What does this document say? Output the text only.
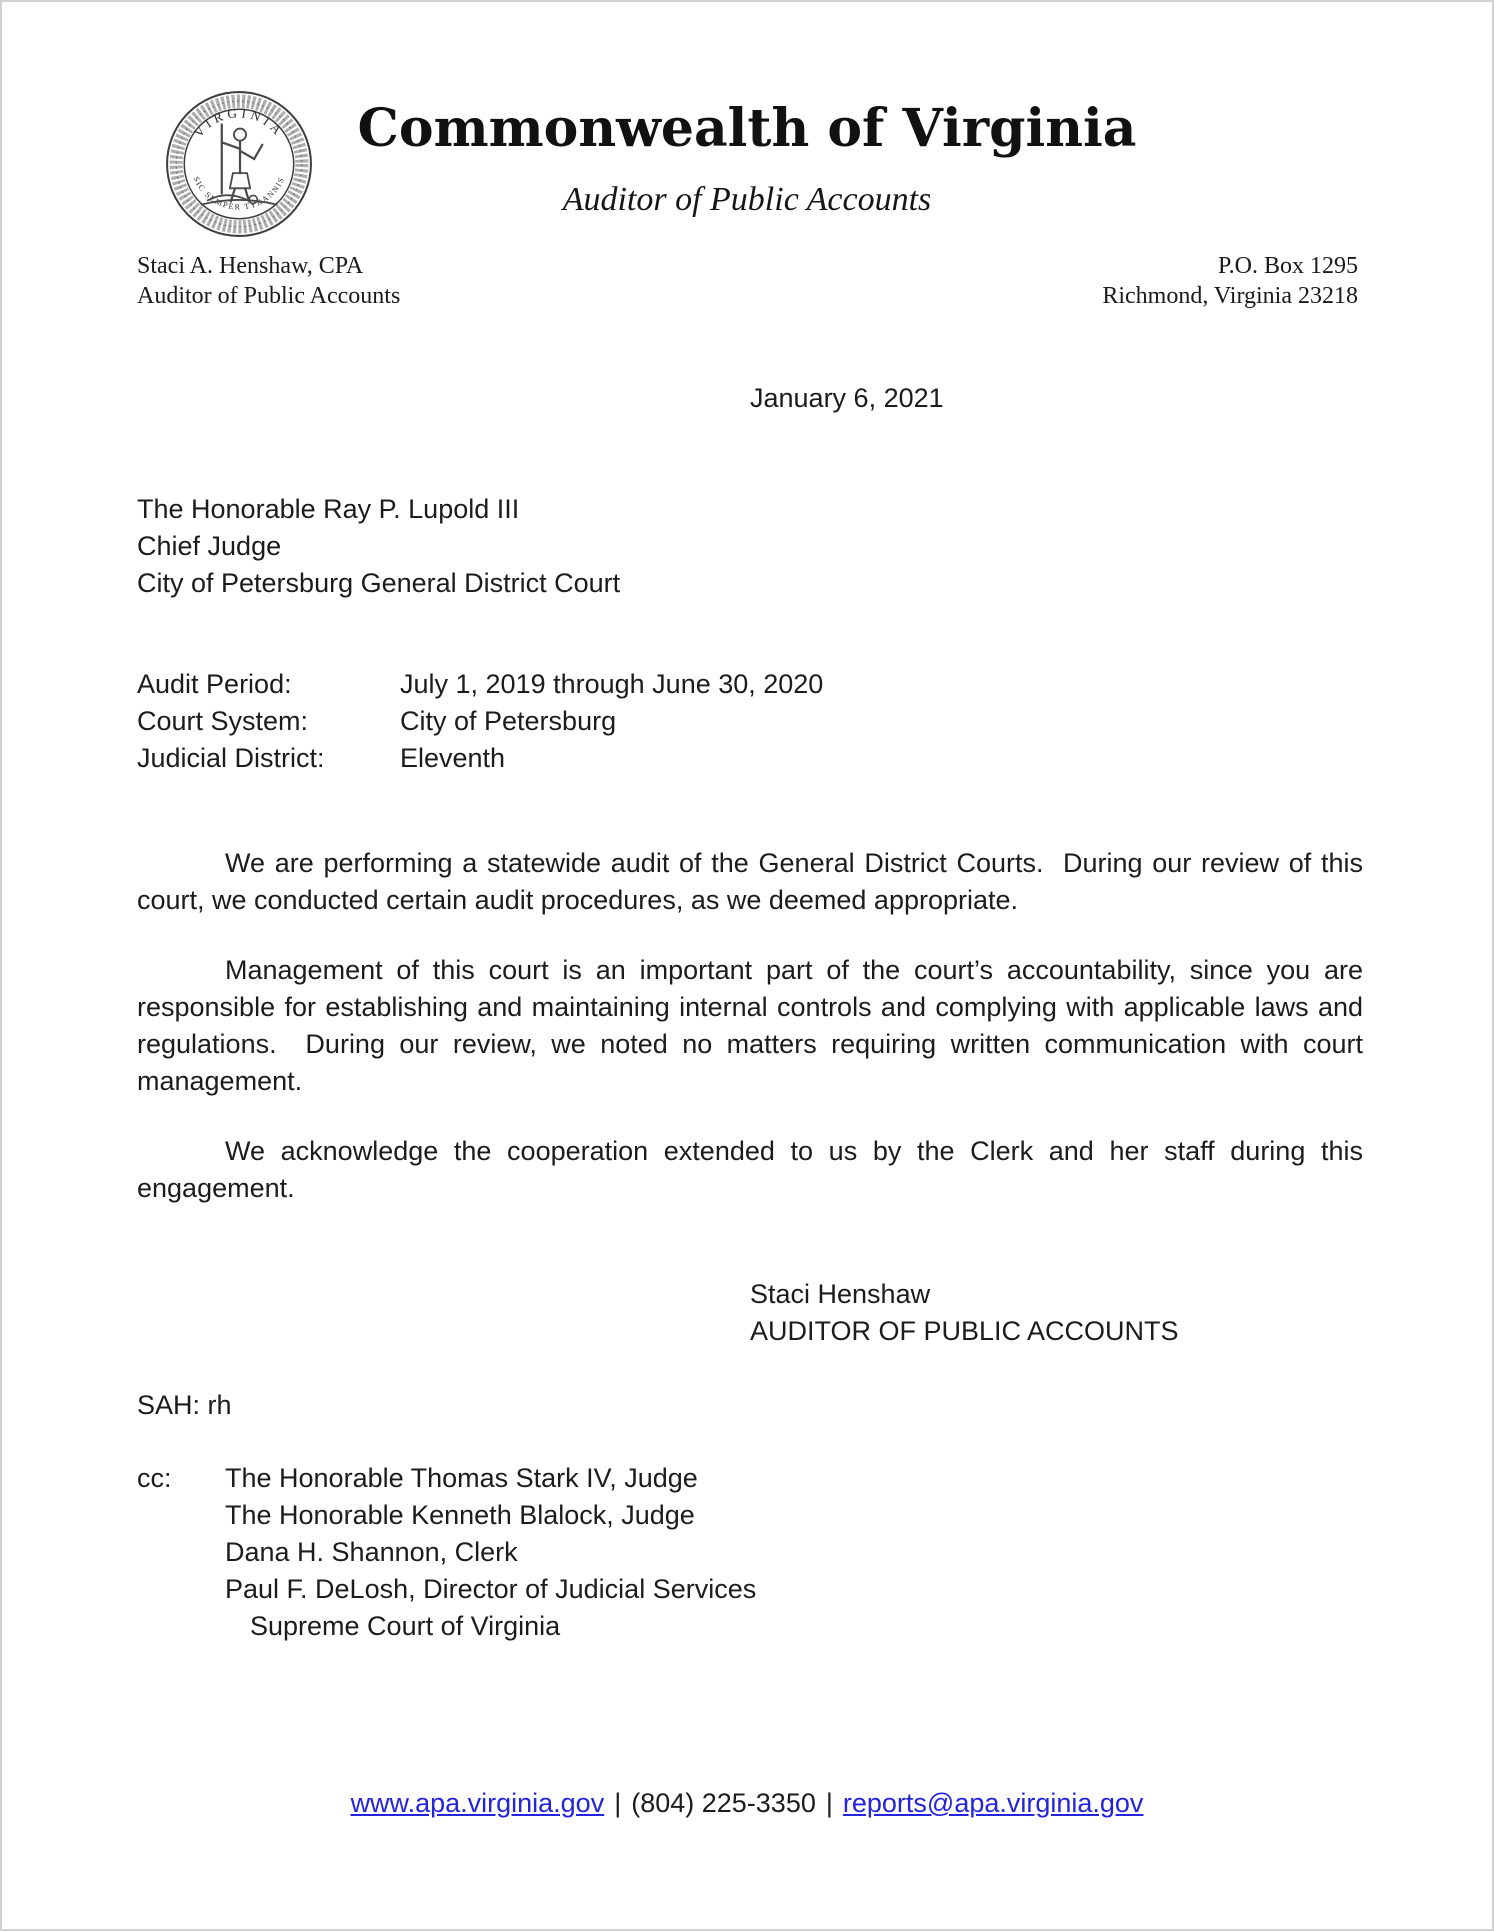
VIRGINIA
SIC SEMPER TYRANNIS
Commonwealth of Virginia
Auditor of Public Accounts
Staci A. Henshaw, CPA
Auditor of Public Accounts
P.O. Box 1295
Richmond, Virginia 23218
January 6, 2021
The Honorable Ray P. Lupold III
Chief Judge
City of Petersburg General District Court
Audit Period:	July 1, 2019 through June 30, 2020
Court System:	City of Petersburg
Judicial District:	Eleventh

We are performing a statewide audit of the General District Courts.  During our review of this court, we conducted certain audit procedures, as we deemed appropriate.

Management of this court is an important part of the court’s accountability, since you are responsible for establishing and maintaining internal controls and complying with applicable laws and regulations.  During our review, we noted no matters requiring written communication with court management.

We acknowledge the cooperation extended to us by the Clerk and her staff during this engagement.

Staci Henshaw
AUDITOR OF PUBLIC ACCOUNTS
SAH: rh
cc:	The Honorable Thomas Stark IV, Judge
The Honorable Kenneth Blalock, Judge
Dana H. Shannon, Clerk
Paul F. DeLosh, Director of Judicial Services
Supreme Court of Virginia
www.apa.virginia.gov | (804) 225-3350 | reports@apa.virginia.gov
